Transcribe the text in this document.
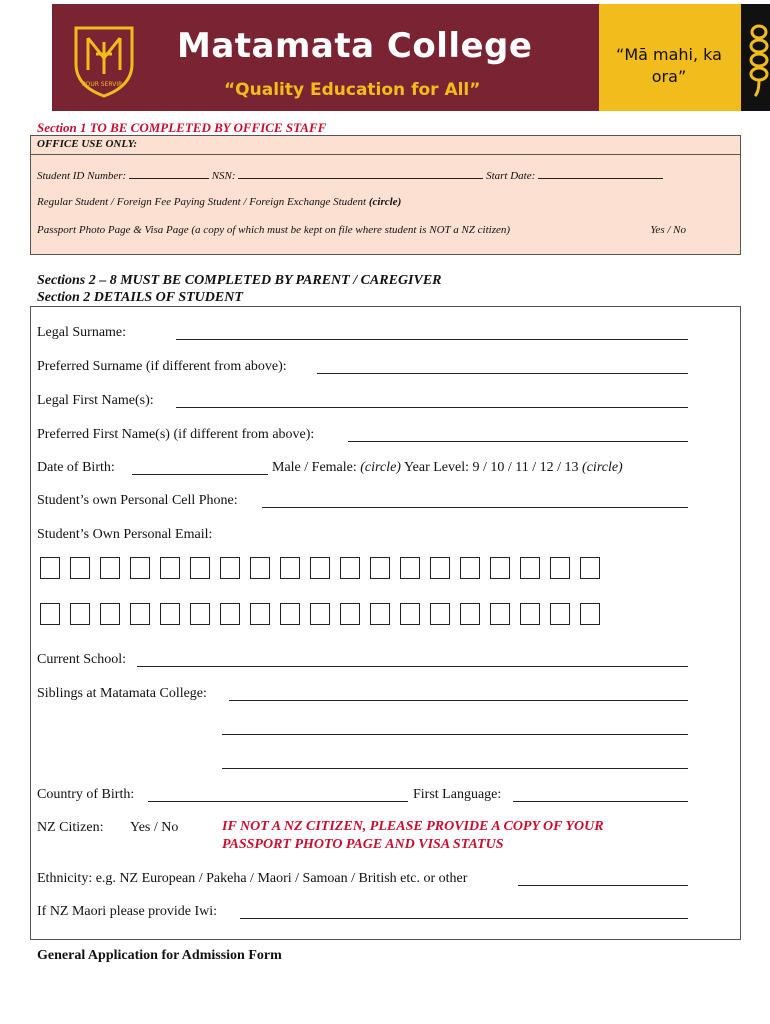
POUR SERVIR
Matamata College
“Quality Education for All”
“Mā mahi, ka ora”
Section 1 TO BE COMPLETED BY OFFICE STAFF
OFFICE USE ONLY:
Student ID Number:	NSN:	Start Date:
Regular Student / Foreign Fee Paying Student / Foreign Exchange Student (circle)
Passport Photo Page & Visa Page (a copy of which must be kept on file where student is NOT a NZ citizen)	Yes / No
Sections 2 – 8 MUST BE COMPLETED BY PARENT / CAREGIVER
Section 2 DETAILS OF STUDENT
Legal Surname:
Preferred Surname (if different from above):
Legal First Name(s):
Preferred First Name(s) (if different from above):
Date of Birth:	Male / Female: (circle) Year Level: 9 / 10 / 11 / 12 / 13 (circle)
Student’s own Personal Cell Phone:
Student’s Own Personal Email:
Current School:
Siblings at Matamata College:
Country of Birth:	First Language:
NZ Citizen: Yes / No	IF NOT A NZ CITIZEN, PLEASE PROVIDE A COPY OF YOUR
PASSPORT PHOTO PAGE AND VISA STATUS
Ethnicity: e.g. NZ European / Pakeha / Maori / Samoan / British etc. or other
If NZ Maori please provide Iwi:
General Application for Admission Form
